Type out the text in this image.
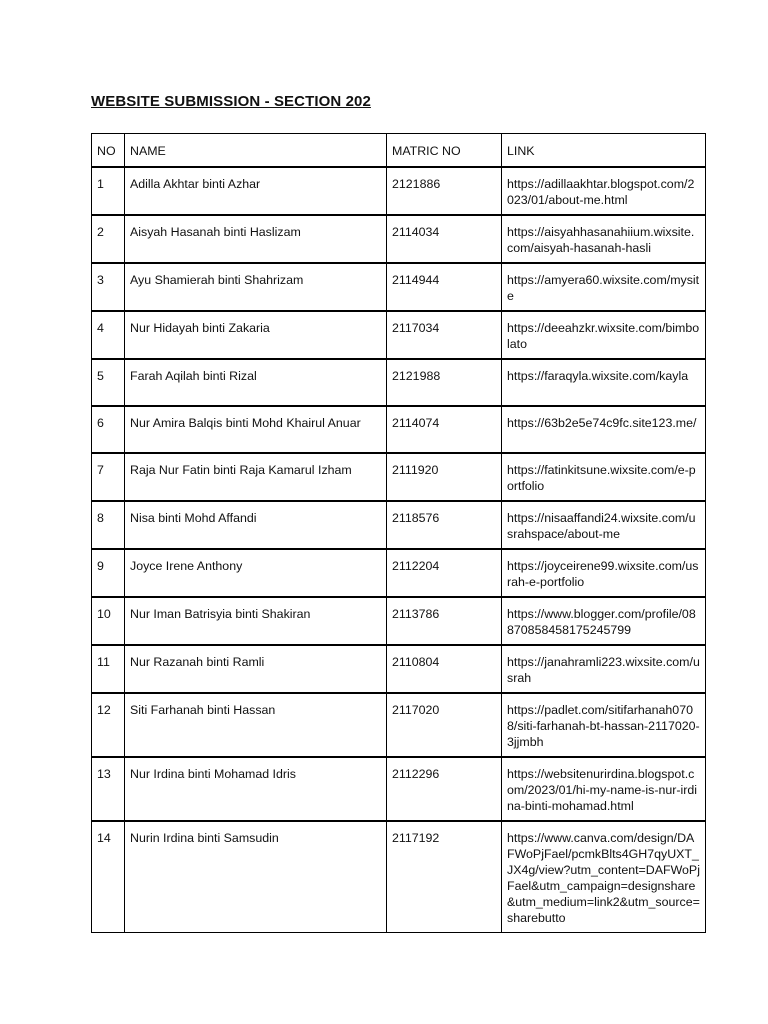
WEBSITE SUBMISSION - SECTION 202
NO	NAME	MATRIC NO	LINK
1	Adilla Akhtar binti Azhar	2121886	https://adillaakhtar.blogspot.com/2023/01/about-me.html
2	Aisyah Hasanah binti Haslizam	2114034	https://aisyahhasanahiium.wixsite.com/aisyah-hasanah-hasli
3	Ayu Shamierah binti Shahrizam	2114944	https://amyera60.wixsite.com/mysite
4	Nur Hidayah binti Zakaria	2117034	https://deeahzkr.wixsite.com/bimbolato
5	Farah Aqilah binti Rizal	2121988	https://faraqyla.wixsite.com/kayla
6	Nur Amira Balqis binti Mohd Khairul Anuar	2114074	https://63b2e5e74c9fc.site123.me/
7	Raja Nur Fatin binti Raja Kamarul Izham	2111920	https://fatinkitsune.wixsite.com/e-portfolio
8	Nisa binti Mohd Affandi	2118576	https://nisaaffandi24.wixsite.com/usrahspace/about-me
9	Joyce Irene Anthony	2112204	https://joyceirene99.wixsite.com/usrah-e-portfolio
10	Nur Iman Batrisyia binti Shakiran	2113786	https://www.blogger.com/profile/08870858458175245799
11	Nur Razanah binti Ramli	2110804	https://janahramli223.wixsite.com/usrah
12	Siti Farhanah binti Hassan	2117020	https://padlet.com/sitifarhanah0708/siti-farhanah-bt-hassan-2117020-3jjmbh
13	Nur Irdina binti Mohamad Idris	2112296	https://websitenurirdina.blogspot.com/2023/01/hi-my-name-is-nur-irdina-binti-mohamad.html
14	Nurin Irdina binti Samsudin	2117192	https://www.canva.com/design/DAFWoPjFael/pcmkBlts4GH7qyUXT_JX4g/view?utm_content=DAFWoPjFael&utm_campaign=designshare&utm_medium=link2&utm_source=sharebutto
